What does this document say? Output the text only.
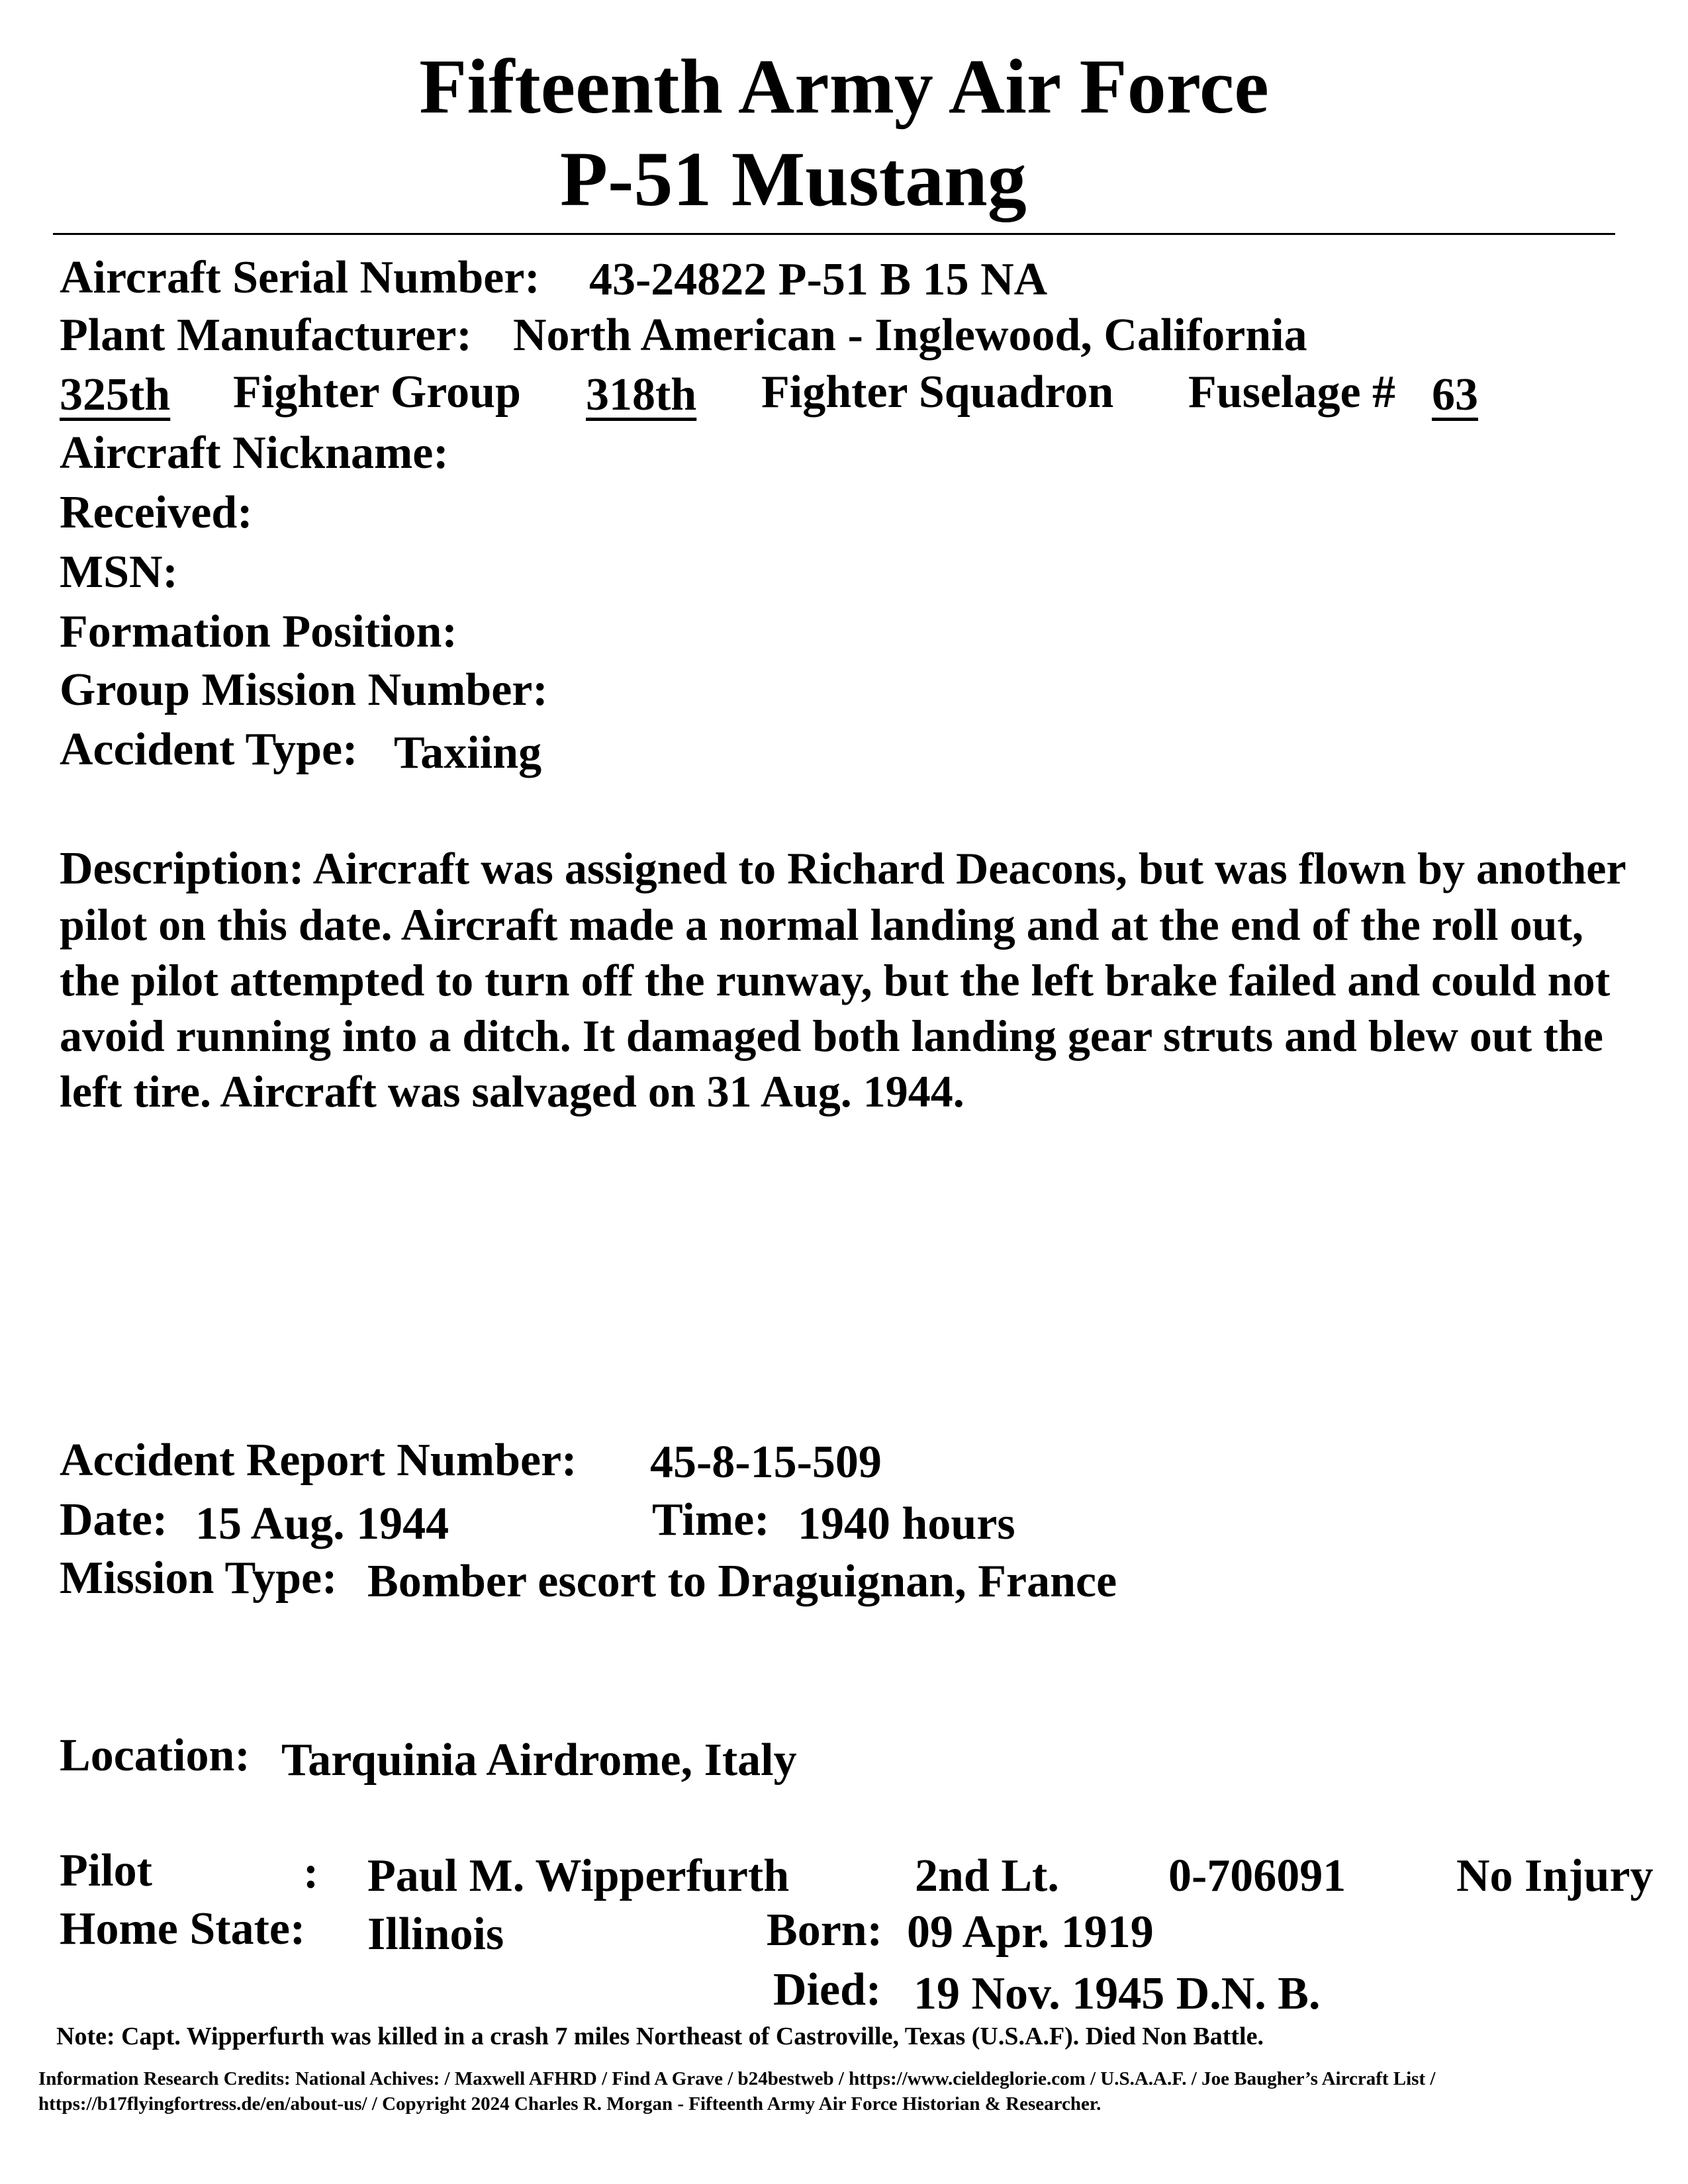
Fifteenth Army Air Force
P-51 Mustang
Aircraft Serial Number: 43-24822 P-51 B 15 NA
Plant Manufacturer: North American - Inglewood, California
325th	Fighter Group 318th	Fighter Squadron Fuselage # 63
Aircraft Nickname:
Received:
MSN:
Formation Position:
Group Mission Number:
Accident Type: Taxiing
Description: Aircraft was assigned to Richard Deacons, but was flown by another pilot on this date. Aircraft made a normal landing and at the end of the roll out, the pilot attempted to turn off the runway, but the left brake failed and could not avoid running into a ditch. It damaged both landing gear struts and blew out the left tire. Aircraft was salvaged on 31 Aug. 1944.
Accident Report Number: 45-8-15-509
Date: 15 Aug. 1944	Time: 1940 hours
Mission Type: Bomber escort to Draguignan, France
Location: Tarquinia Airdrome, Italy
Pilot	: Paul M. Wipperfurth	2nd Lt. 0-706091 No Injury
Home State: Illinois	Born: 09 Apr. 1919
Died: 19 Nov. 1945 D.N. B.
Note: Capt. Wipperfurth was killed in a crash 7 miles Northeast of Castroville, Texas (U.S.A.F). Died Non Battle.
Information Research Credits: National Achives: / Maxwell AFHRD / Find A Grave / b24bestweb / https://www.cieldeglorie.com / U.S.A.A.F. / Joe Baugher’s Aircraft List /
https://b17flyingfortress.de/en/about-us/ / Copyright 2024 Charles R. Morgan - Fifteenth Army Air Force Historian & Researcher.
